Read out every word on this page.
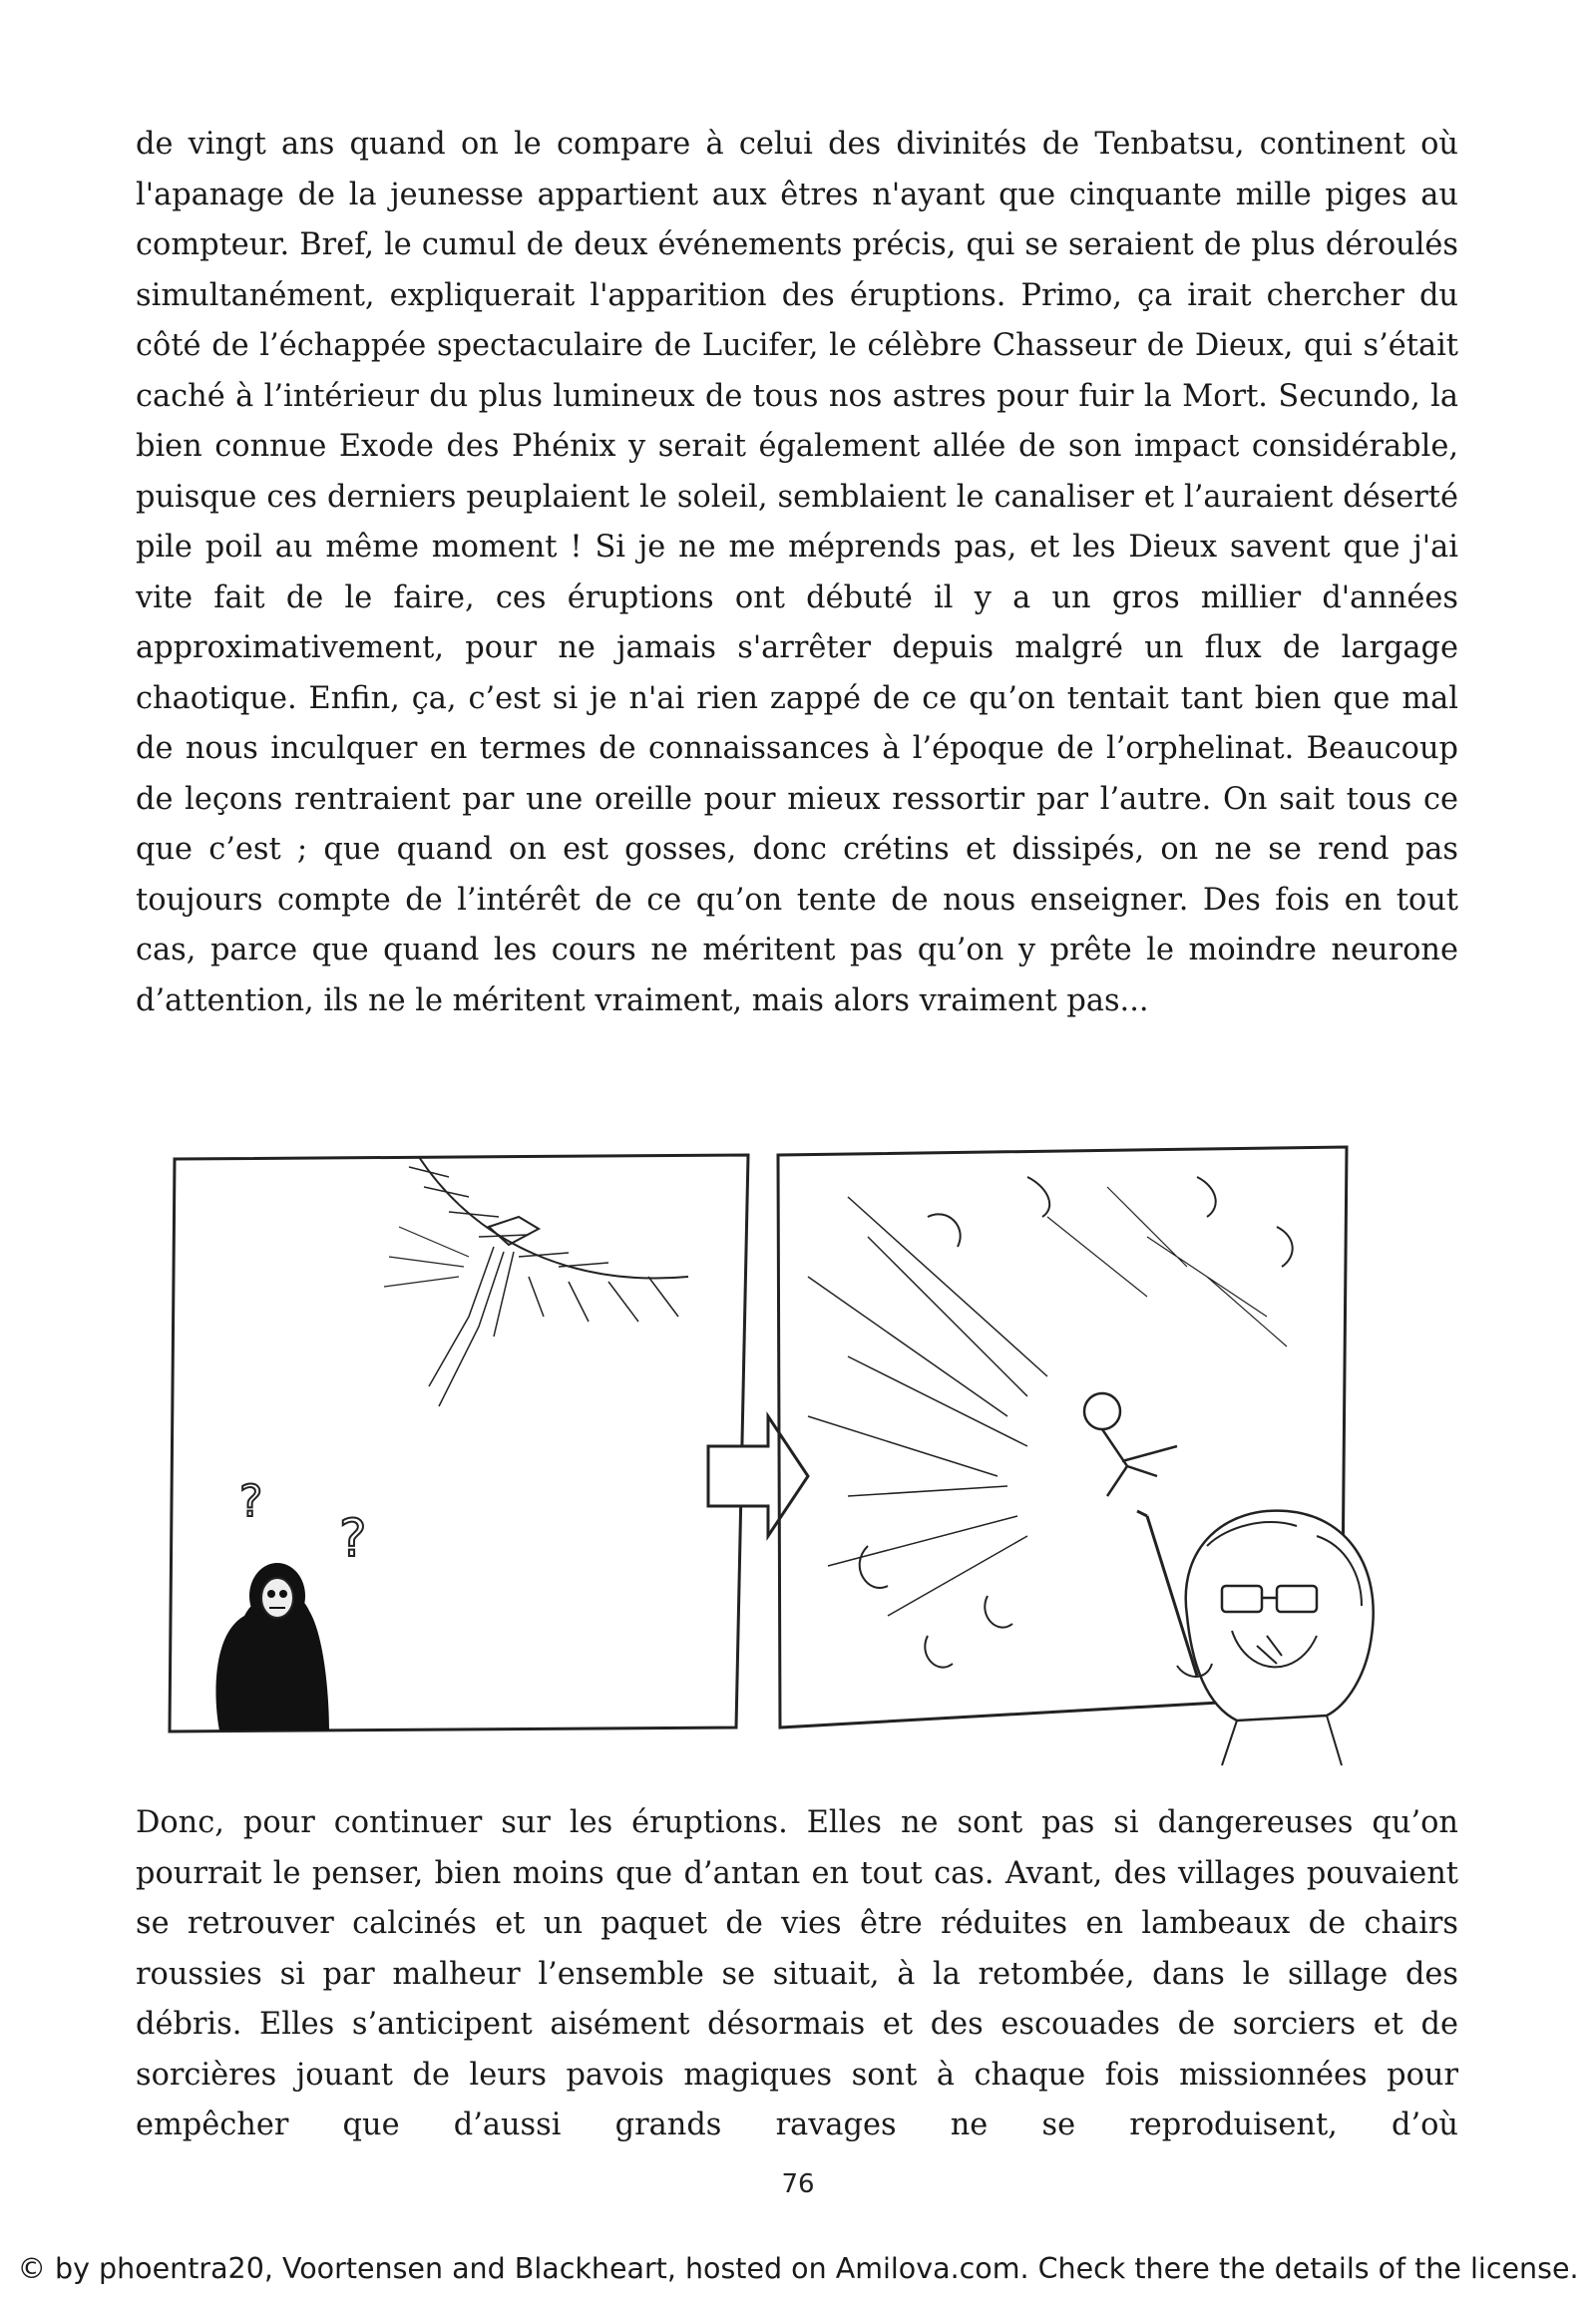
de vingt ans quand on le compare à celui des divinités de Tenbatsu, continent où l'apanage de la jeunesse appartient aux êtres n'ayant que cinquante mille piges au compteur. Bref, le cumul de deux événements précis, qui se seraient de plus déroulés simultanément, expliquerait l'apparition des éruptions. Primo, ça irait chercher du côté de l’échappée spectaculaire de Lucifer, le célèbre Chasseur de Dieux, qui s’était caché à l’intérieur du plus lumineux de tous nos astres pour fuir la Mort. Secundo, la bien connue Exode des Phénix y serait également allée de son impact considérable, puisque ces derniers peuplaient le soleil, semblaient le canaliser et l’auraient déserté pile poil au même moment ! Si je ne me méprends pas, et les Dieux savent que j'ai vite fait de le faire, ces éruptions ont débuté il y a un gros millier d'années approximativement, pour ne jamais s'arrêter depuis malgré un flux de largage chaotique. Enfin, ça, c’est si je n'ai rien zappé de ce qu’on tentait tant bien que mal de nous inculquer en termes de connaissances à l’époque de l’orphelinat. Beaucoup de leçons rentraient par une oreille pour mieux ressortir par l’autre. On sait tous ce que c’est ; que quand on est gosses, donc crétins et dissipés, on ne se rend pas toujours compte de l’intérêt de ce qu’on tente de nous enseigner. Des fois en tout cas, parce que quand les cours ne méritent pas qu’on y prête le moindre neurone d’attention, ils ne le méritent vraiment, mais alors vraiment pas...

?
?

Donc, pour continuer sur les éruptions. Elles ne sont pas si dangereuses qu’on pourrait le penser, bien moins que d’antan en tout cas. Avant, des villages pouvaient se retrouver calcinés et un paquet de vies être réduites en lambeaux de chairs roussies si par malheur l’ensemble se situait, à la retombée, dans le sillage des débris. Elles s’anticipent aisément désormais et des escouades de sorciers et de sorcières jouant de leurs pavois magiques sont à chaque fois missionnées pour empêcher que d’aussi grands ravages ne se reproduisent, d’où

76
© by phoentra20, Voortensen and Blackheart, hosted on Amilova.com. Check there the details of the license.
